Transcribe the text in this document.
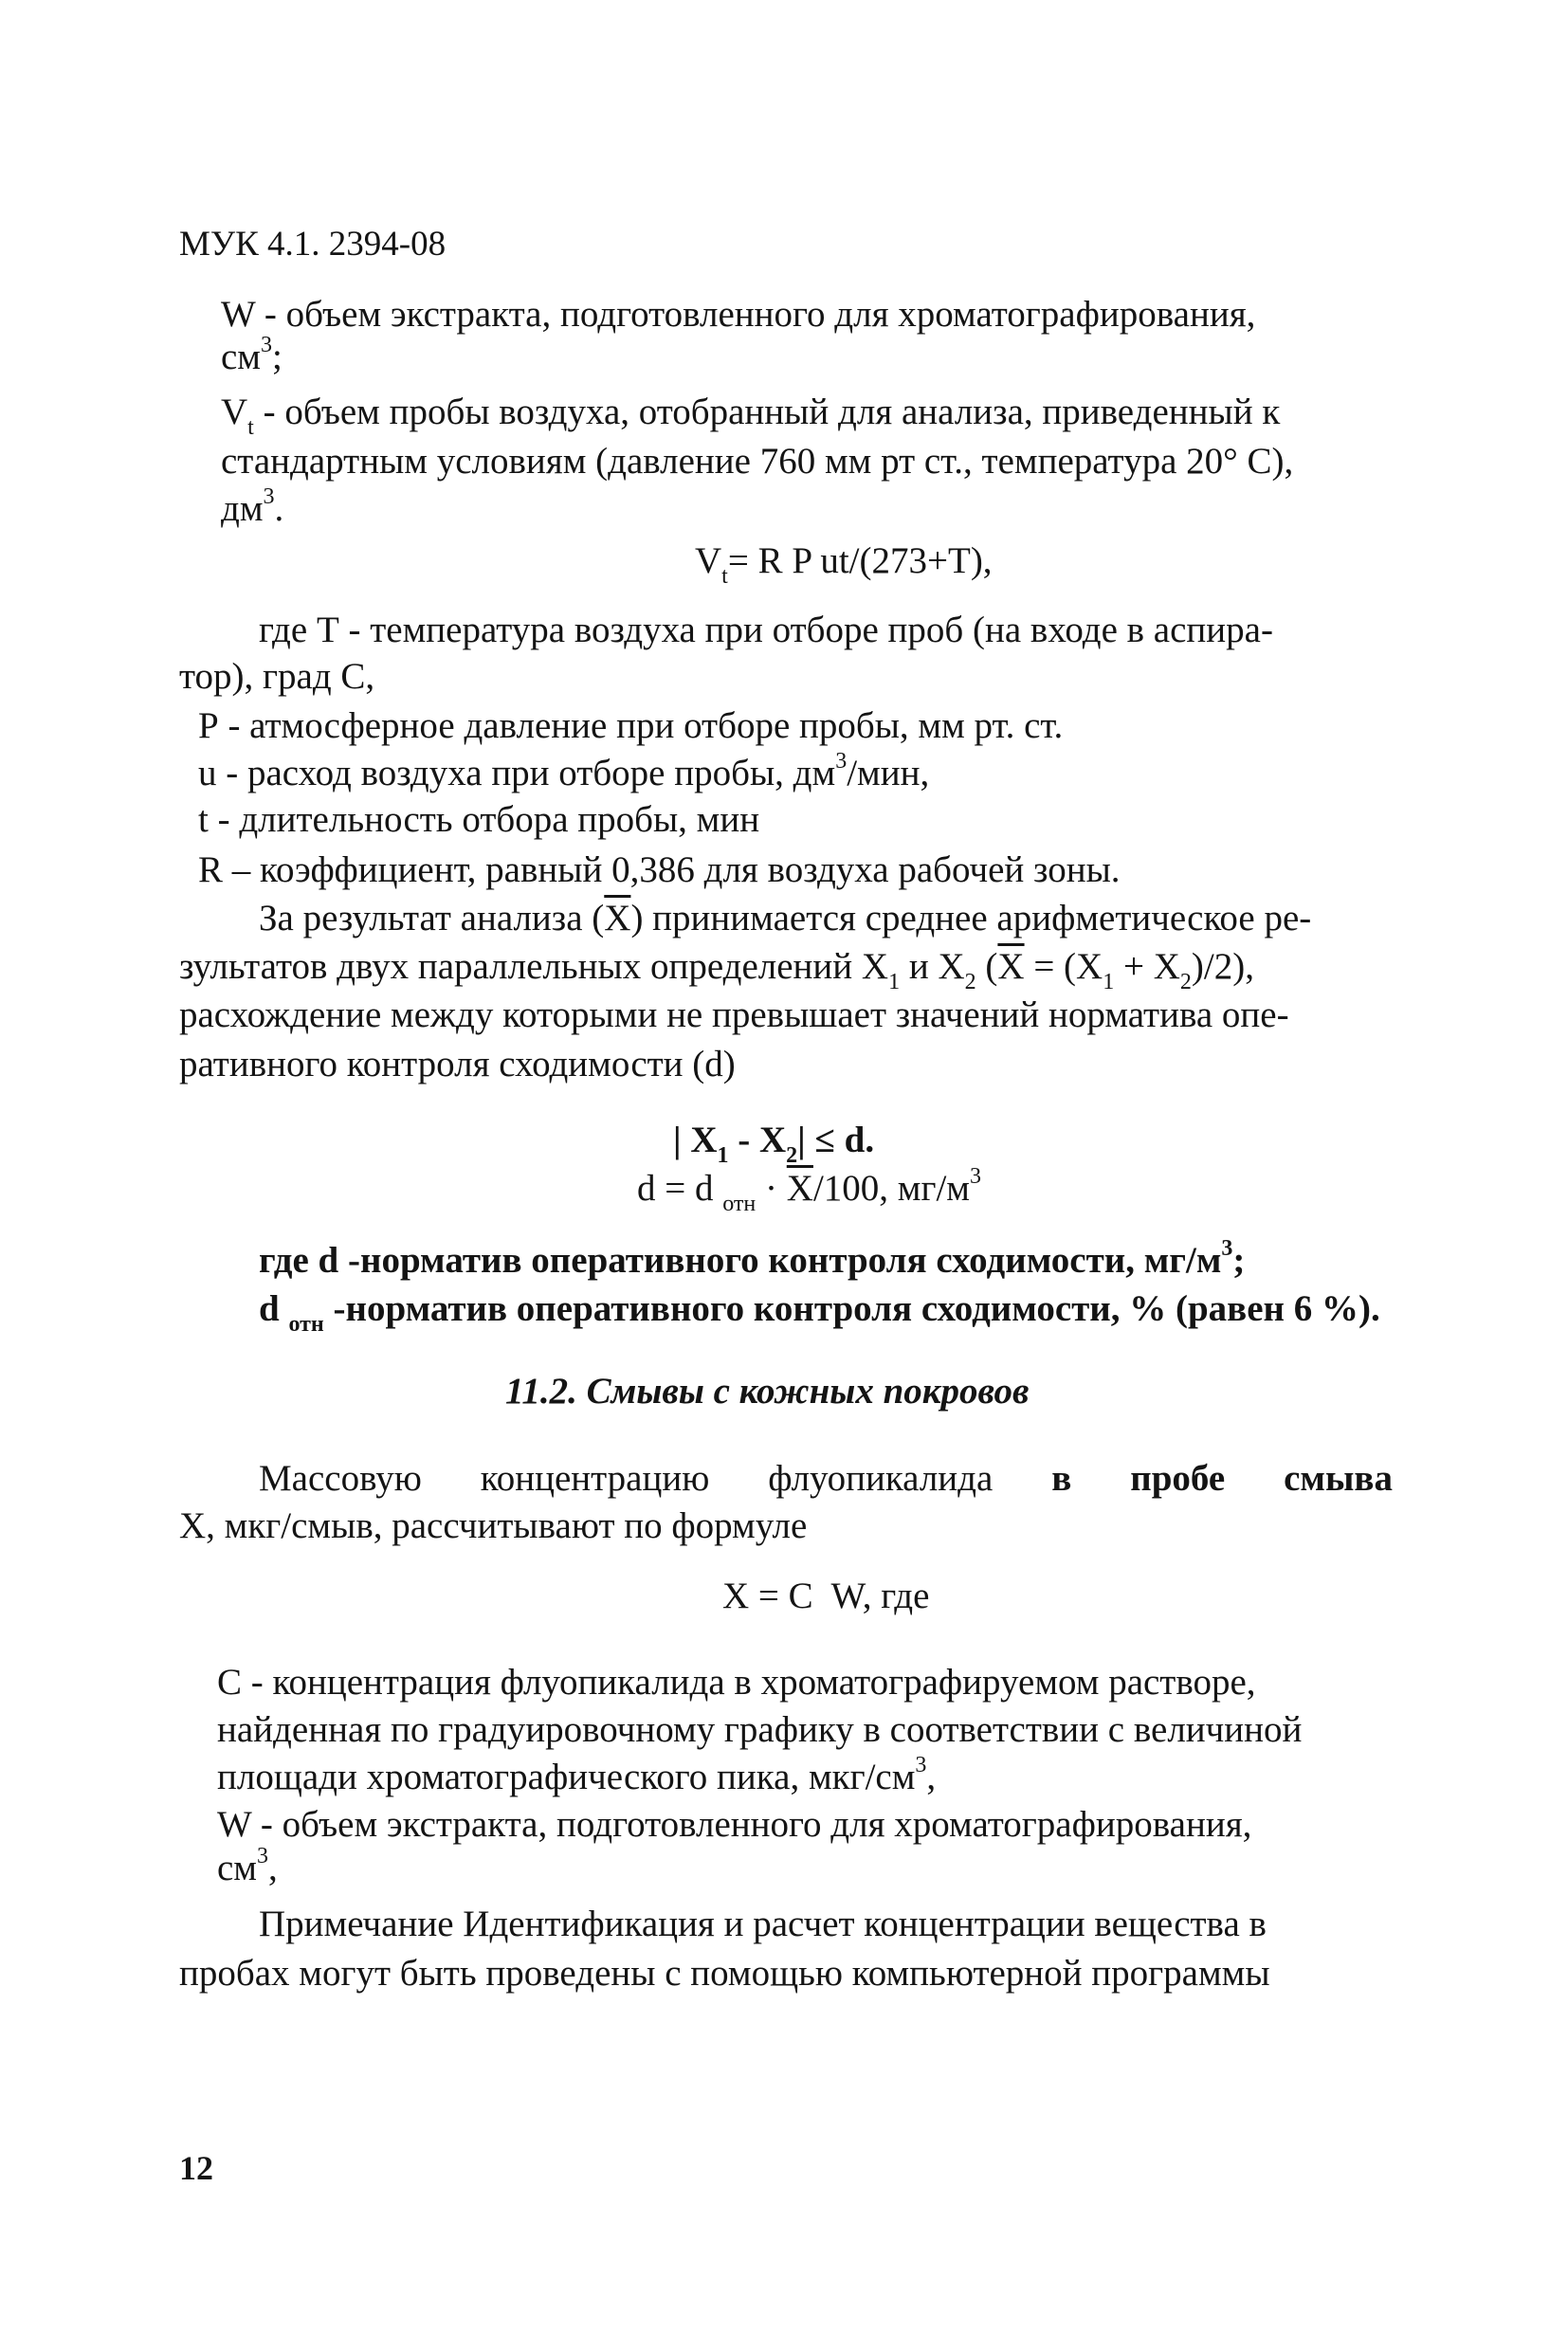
МУК 4.1. 2394-08
W - объем экстракта, подготовленного для хроматографирования,
$см^3$;
$V_t$ - объем пробы воздуха, отобранный для анализа, приведенный к
стандартным условиям (давление 760 мм рт ст., температура 20° С),
$дм^3$.
$V_t= R$ P ut/(273+T),
где Т - температура воздуха при отборе проб (на входе в аспира-
тор), град С,
Р - атмосферное давление при отборе пробы, мм рт. ст.
u - расход воздуха при отборе пробы, $дм^3$/мин,
t - длительность отбора пробы, мин
R – коэффициент, равный 0,386 для воздуха рабочей зоны.
За результат анализа $(\overline{X})$ принимается среднее арифметическое ре-
зультатов двух параллельных определений $X_1$ и $X_2$ $(\overline{X} = (X_1 + X_2)/2)$,
расхождение между которыми не превышает значений норматива опе-
ративного контроля сходимости (d)
| $X_1 - X_2| \le d$.
d = d $_{отн} \cdot \overline{X}/100$, $мг/м^3$
где d -норматив оперативного контроля сходимости, $мг/м^3$;
d $_{отн}$ -норматив оперативного контроля сходимости, % (равен 6 %).
11.2. Смывы с кожных покровов
Массовую концентрацию флуопикалида в пробе смыва
X, мкг/смыв, рассчитывают по формуле
X = C  W, где
С - концентрация флуопикалида в хроматографируемом растворе,
найденная по градуировочному графику в соответствии с величиной
площади хроматографического пика, мкг/$см^3$,
W - объем экстракта, подготовленного для хроматографирования,
$см^3$,
Примечание Идентификация и расчет концентрации вещества в
пробах могут быть проведены с помощью компьютерной программы
12
